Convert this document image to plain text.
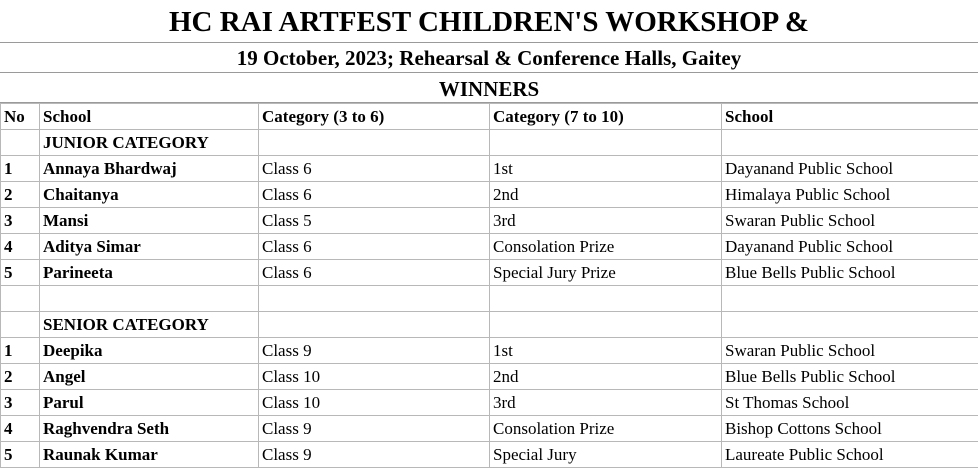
HC RAI ARTFEST CHILDREN'S WORKSHOP &
19 October, 2023; Rehearsal & Conference Halls, Gaitey
WINNERS
No	School	Category (3 to 6)	Category (7 to 10)	School
	JUNIOR CATEGORY			
1	Annaya Bhardwaj	Class 6	1st	Dayanand Public School
2	Chaitanya	Class 6	2nd	Himalaya Public School
3	Mansi	Class 5	3rd	Swaran Public School
4	Aditya Simar	Class 6	Consolation Prize	Dayanand Public School
5	Parineeta	Class 6	Special Jury Prize	Blue Bells Public School

	SENIOR CATEGORY			
1	Deepika	Class 9	1st	Swaran Public School
2	Angel	Class 10	2nd	Blue Bells Public School
3	Parul	Class 10	3rd	St Thomas School
4	Raghvendra Seth	Class 9	Consolation Prize	Bishop Cottons School
5	Raunak Kumar	Class 9	Special Jury	Laureate Public School
